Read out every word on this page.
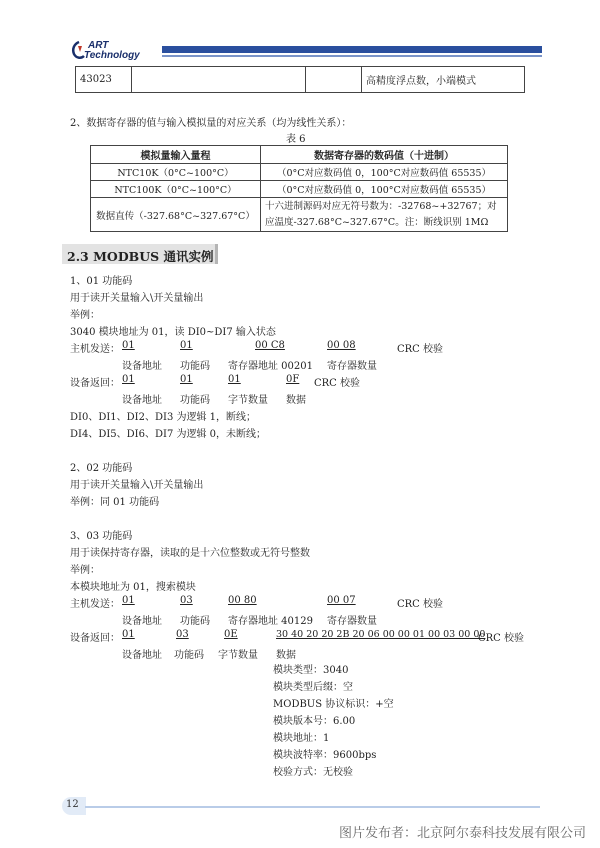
ART
Technology
43023			高精度浮点数，小端模式
2、数据寄存器的值与输入模拟量的对应关系（均为线性关系）：
表 6
模拟量输入量程	数据寄存器的数码值（十进制）
NTC10K（0°C~100°C）	（0°C对应数码值 0，100°C对应数码值 65535）
NTC100K（0°C~100°C）	（0°C对应数码值 0，100°C对应数码值 65535）
数据直传（-327.68°C~327.67°C）	十六进制源码对应无符号数为：-32768~+32767；对
应温度-327.68°C~327.67°C。注：断线识别 1MΩ
2.3 MODBUS 通讯实例
1、01 功能码
用于读开关量输入\开关量输出
举例：
3040 模块地址为 01，读 DI0~DI7 输入状态
主机发送： 01	01	00 C8	00 08	CRC 校验
设备地址 功能码 寄存器地址 00201 寄存器数量
设备返回： 01	01	01	0F CRC 校验
设备地址 功能码 字节数量 数据
DI0、DI1、DI2、DI3 为逻辑 1，断线；
DI4、DI5、DI6、DI7 为逻辑 0，未断线；
2、02 功能码
用于读开关量输入\开关量输出
举例：同 01 功能码
3、03 功能码
用于读保持寄存器，读取的是十六位整数或无符号整数
举例：
本模块地址为 01，搜索模块
主机发送： 01	03	00 80	00 07	CRC 校验
设备地址 功能码 寄存器地址 40129 寄存器数量
设备返回： 01	03	0E	30 40 20 20 2B 20 06 00 00 01 00 03 00 00
CRC 校验
设备地址 功能码 字节数量 数据
模块类型：3040
模块类型后缀：空
MODBUS 协议标识：+空
模块版本号：6.00
模块地址：1
模块波特率：9600bps
校验方式：无校验
12
图片发布者：北京阿尔泰科技发展有限公司
